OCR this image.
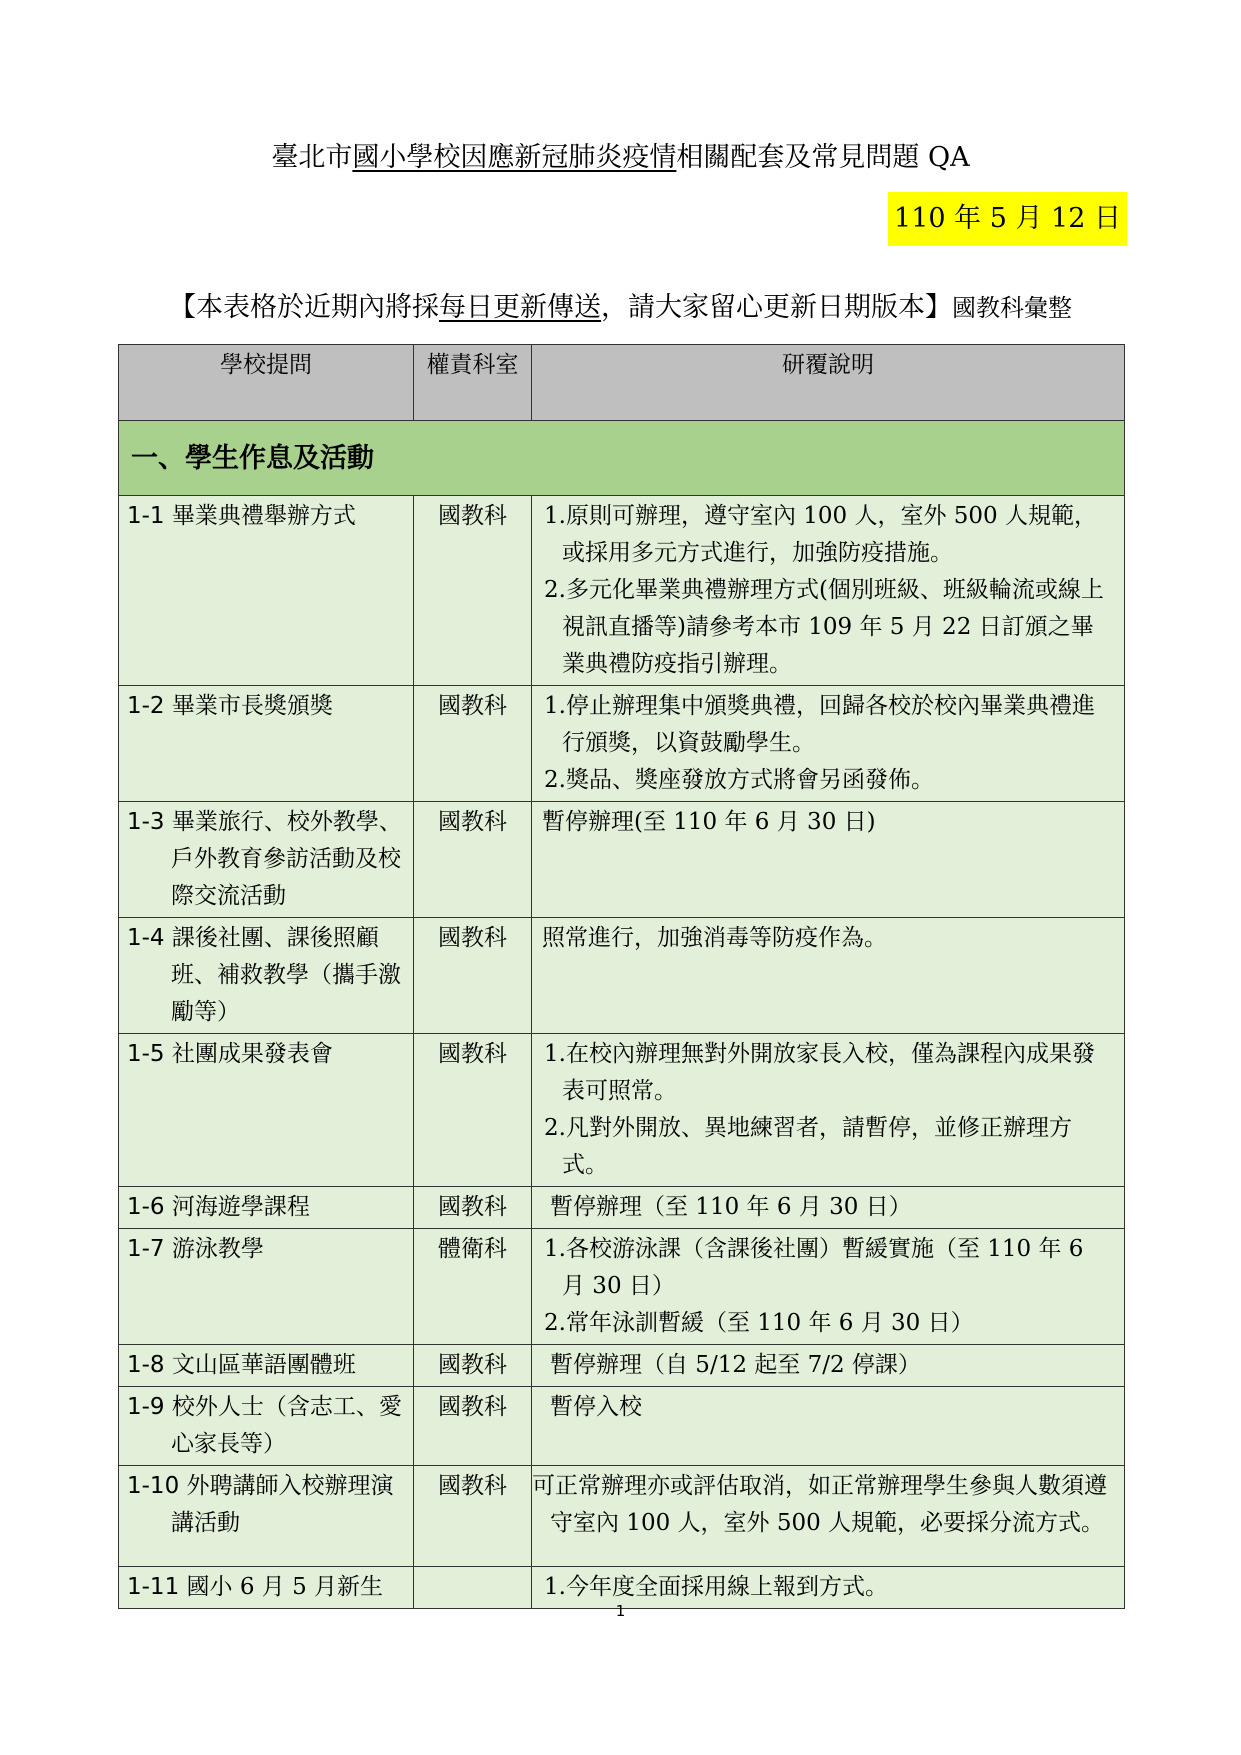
臺北市國小學校因應新冠肺炎疫情相關配套及常見問題 QA
110 年 5 月 12 日
【本表格於近期內將採每日更新傳送，請大家留心更新日期版本】國教科彙整
學校提問	權責科室	研覆說明
一、學生作息及活動		

1-1 畢業典禮舉辦方式	國教科	1.原則可辦理，遵守室內 100 人，室外 500 人規範，或採用多元方式進行，加強防疫措施。
2.多元化畢業典禮辦理方式(個別班級、班級輪流或線上視訊直播等)請參考本市 109 年 5 月 22 日訂頒之畢業典禮防疫指引辦理。

1-2 畢業市長獎頒獎	國教科	1.停止辦理集中頒獎典禮，回歸各校於校內畢業典禮進行頒獎，以資鼓勵學生。
2.獎品、獎座發放方式將會另函發佈。

1-3 畢業旅行、校外教學、戶外教育參訪活動及校際交流活動	國教科	暫停辦理(至 110 年 6 月 30 日)

1-4 課後社團、課後照顧班、補救教學（攜手激勵等）	國教科	照常進行，加強消毒等防疫作為。

1-5 社團成果發表會	國教科	1.在校內辦理無對外開放家長入校，僅為課程內成果發表可照常。
2.凡對外開放、異地練習者，請暫停，並修正辦理方式。

1-6 河海遊學課程	國教科	暫停辦理（至 110 年 6 月 30 日）

1-7 游泳教學	體衛科	1.各校游泳課（含課後社團）暫緩實施（至 110 年 6 月 30 日）
2.常年泳訓暫緩（至 110 年 6 月 30 日）

1-8 文山區華語團體班	國教科	暫停辦理（自 5/12 起至 7/2 停課）

1-9 校外人士（含志工、愛心家長等）	國教科	暫停入校

1-10 外聘講師入校辦理演講活動	國教科	可正常辦理亦或評估取消，如正常辦理學生參與人數須遵守室內 100 人，室外 500 人規範，必要採分流方式。

1-11 國小 6 月 5 月新生		1.今年度全面採用線上報到方式。
1
